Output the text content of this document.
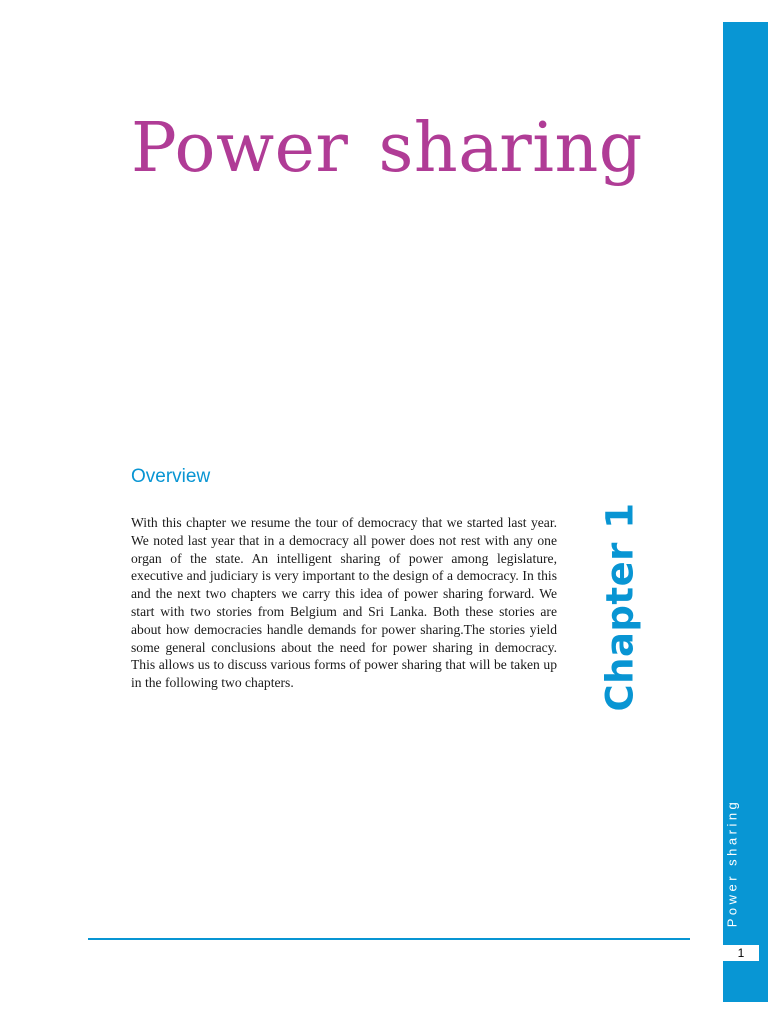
Power sharing
Overview

With this chapter we resume the tour of democracy that we started last year. We noted last year that in a democracy all power does not rest with any one organ of the state. An intelligent sharing of power among legislature, executive and judiciary is very important to the design of a democracy. In this and the next two chapters we carry this idea of power sharing forward. We start with two stories from Belgium and Sri Lanka. Both these stories are about how democracies handle demands for power sharing.The stories yield some general conclusions about the need for power sharing in democracy. This allows us to discuss various forms of power sharing that will be taken up in the following two chapters.	Chapter 1
Power sharing
1
